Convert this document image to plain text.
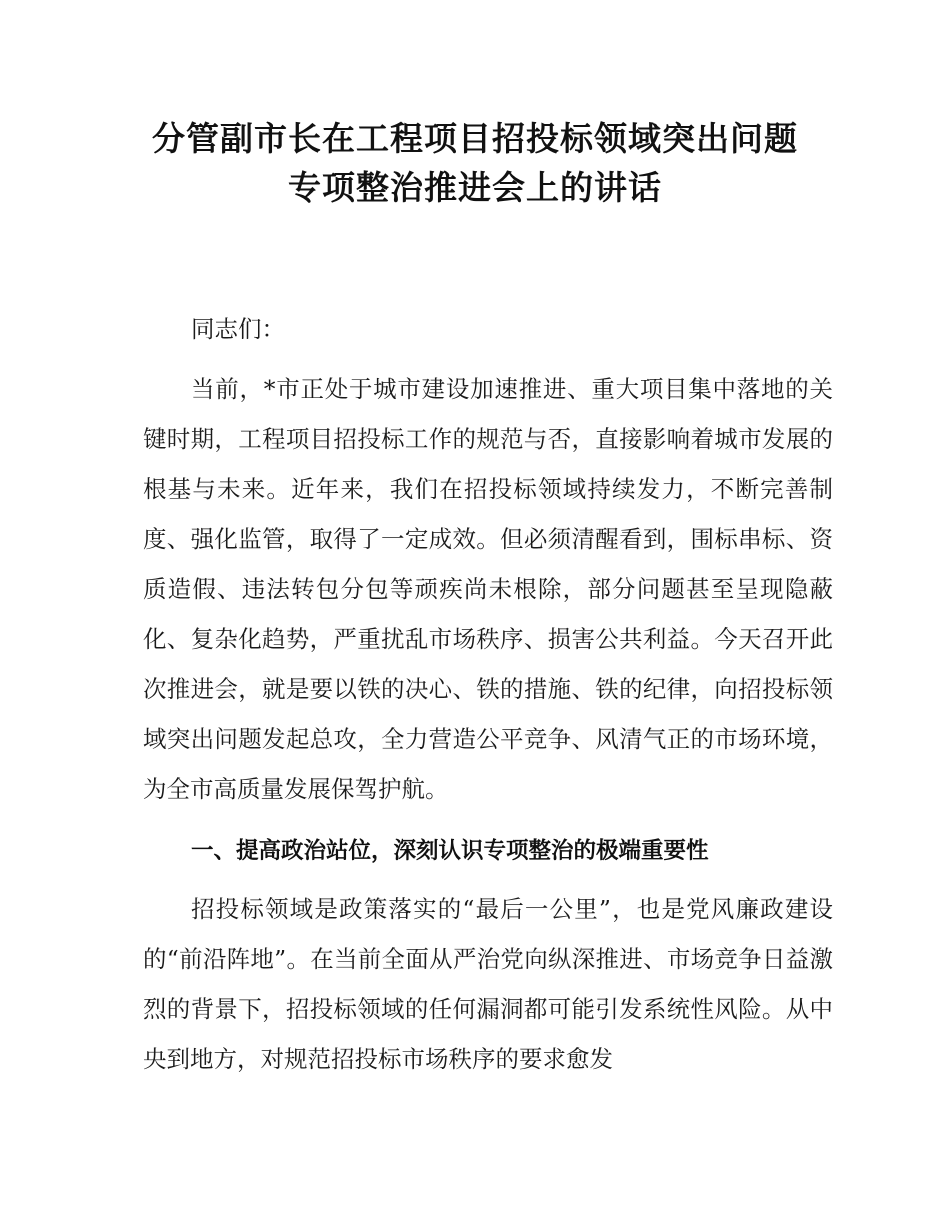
分管副市长在工程项目招投标领域突出问题
专项整治推进会上的讲话

同志们：

当前，*市正处于城市建设加速推进、重大项目集中落地的关键时期，工程项目招投标工作的规范与否，直接影响着城市发展的根基与未来。近年来，我们在招投标领域持续发力，不断完善制度、强化监管，取得了一定成效。但必须清醒看到，围标串标、资质造假、违法转包分包等顽疾尚未根除，部分问题甚至呈现隐蔽化、复杂化趋势，严重扰乱市场秩序、损害公共利益。今天召开此次推进会，就是要以铁的决心、铁的措施、铁的纪律，向招投标领域突出问题发起总攻，全力营造公平竞争、风清气正的市场环境，为全市高质量发展保驾护航。

一、提高政治站位，深刻认识专项整治的极端重要性

招投标领域是政策落实的“最后一公里”，也是党风廉政建设的“前沿阵地”。在当前全面从严治党向纵深推进、市场竞争日益激烈的背景下，招投标领域的任何漏洞都可能引发系统性风险。从中央到地方，对规范招投标市场秩序的要求愈发
